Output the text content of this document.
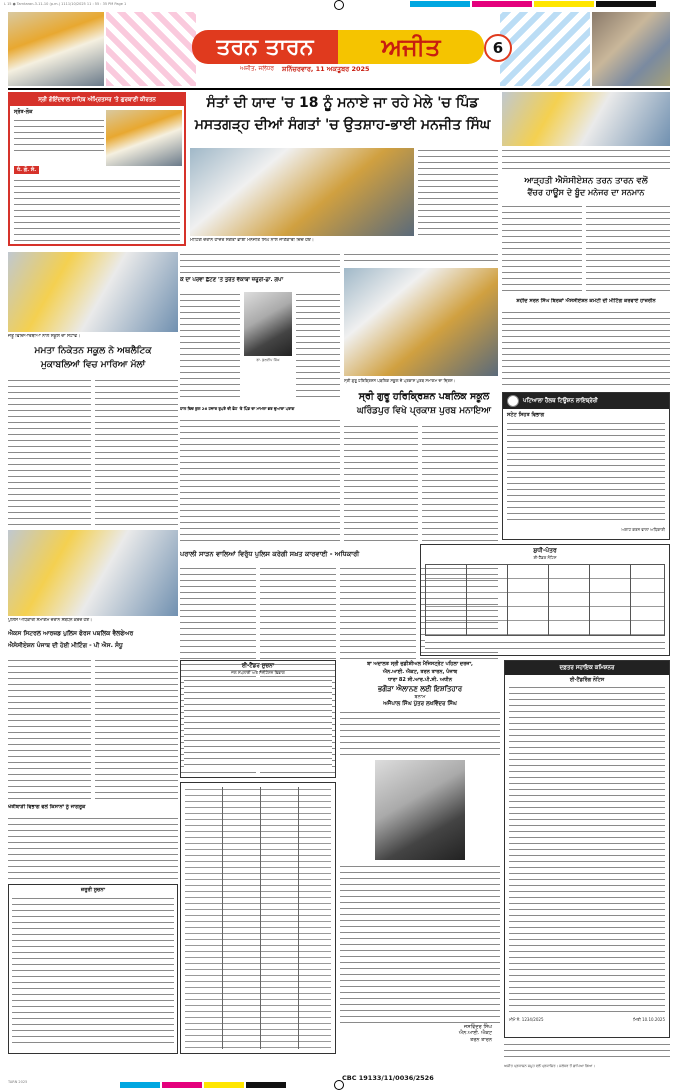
L 15 ● Tarntaran-3-11-10 (p.m.) 1111/10/2025 11 : 55 : 35 PM Page 1
ਤਰਨ ਤਾਰਨ	ਅਜੀਤ	6
ਅਜੀਤ, ਜਲੰਧਰ ਸ਼ਨਿੱਚਰਵਾਰ, 11 ਅਕਤੂਬਰ 2025
ਸ੍ਰੀ ਗੋਇੰਦਵਾਲ ਸਾਹਿਬ ਅੰਮ੍ਰਿਤਸਰ 'ਤੇ ਗੁਰਬਾਣੀ ਕੀਰਤਨ
ਸ੍ਰੋਤ-ਲੋਕ
ਧੰ. ਗੋ. ਸੰ.
ਸੰਤਾਂ ਦੀ ਯਾਦ 'ਚ 18 ਨੂੰ ਮਨਾਏ ਜਾ ਰਹੇ ਮੇਲੇ 'ਚ ਪਿੰਡ
ਮਸਤਗੜ੍ਹ ਦੀਆਂ ਸੰਗਤਾਂ 'ਚ ਉਤਸ਼ਾਹ-ਭਾਈ ਮਨਜੀਤ ਸਿੰਘ
ਮੀਟਿੰਗ ਦੌਰਾਨ ਹਾਜ਼ਰ ਸੰਗਤਾਂ ਭਾਈ ਮਨਜੀਤ ਸਿੰਘ ਨਾਲ ਜਾਣਕਾਰੀ ਦਿੰਦੇ ਹੋਏ।
ਆੜ੍ਹਤੀ ਐਸੋਸੀਏਸ਼ਨ ਤਰਨ ਤਾਰਨ ਵਲੋਂ
ਵੈਂਚਰ ਹਾਊਸ ਦੇ ਬੂੰਦ ਮਨੇਜਰ ਦਾ ਸਨਮਾਨ
ਸ਼ਹੀਦ ਸਰਨ ਸਿੰਘ ਬਿਰਕਾਂ ਐਸੋਸੀਏਸ਼ਨ ਕਮੇਟੀ ਦੀ ਮੀਟਿੰਗ ਕਰਵਾਏ ਹਾਜ਼ਰੀਨ
ਜੇਤੂ ਵਿਦਿਆਰਥੀਆਂ ਨਾਲ ਸਕੂਲ ਦਾ ਸਟਾਫ।
ਮਮਤਾ ਨਿਕੇਤਨ ਸਕੂਲ ਨੇ ਅਥਲੈਟਿਕ
ਮੁਕਾਬਲਿਆਂ ਵਿਚ ਮਾਰਿਆ ਮੱਲਾਂ
ਕੇ ਦਾ ਪਰਵਾ ਛੱਟਣ 'ਤੇ ਤੁਰੰਤ ਵੱਕਾਬਾ ਜ਼ਰੂਰੀ-ਡਾ. ਗੋਪਾ
ਡਾ. ਕੁਲਦੀਪ ਸਿੰਘ
ਹਾਲ ਵਿਚ ਕੁਲ 26 ਹਜ਼ਾਰ ਰੁਪਏ ਦੀ ਛੋਟ 'ਤੇ ਪਿੰਡ ਦਾ ਮਾਮਲਾ ਭਰ ਦੁਆਰਾ ਪਰਾਗ
ਸ੍ਰੀ ਗੁਰੂ ਹਰਿਕ੍ਰਿਸ਼ਨ ਪਬਲਿਕ ਸਕੂਲ ਦੇ ਪ੍ਰਕਾਸ਼ ਪੁਰਬ ਸਮਾਗਮ ਦਾ ਦ੍ਰਿਸ਼।
ਸ੍ਰੀ ਗੁਰੂ ਹਰਿਕ੍ਰਿਸ਼ਨ ਪਬਲਿਕ ਸਕੂਲ
ਘਰਿੰਡਪੁਰ ਵਿਖੇ ਪ੍ਰਕਾਸ਼ ਪੁਰਬ ਮਨਾਇਆ
ਪਟਿਆਲਾ ਹੈਲਥ ਟਿਊਸ਼ਨ ਲਾਇਬ੍ਰੇਰੀ
ਸਟੇਟ ਸਿਹਤ ਵਿਭਾਗ
ਅਲਾਟ ਕਰਨ ਵਾਲਾ ਅਧਿਕਾਰੀ
ਪੁਲਿਸ ਅਧਿਕਾਰੀ ਸਮਾਗਮ ਦੌਰਾਨ ਸੰਬੋਧਨ ਕਰਦੇ ਹੋਏ।
ਐਕਸ ਸਿਟਰਲ ਆਰਜ਼ਡ ਪੁਲਿਸ ਫੋਰਸ ਪਬਲਿਕ ਵੈਲਫੇਅਰ
ਐਸੋਸੀਏਸ਼ਨ ਪੰਜਾਬ ਦੀ ਹੋਈ ਮੀਟਿੰਗ - ਪੀ ਐਸ. ਸੰਧੂ
ਖੇਤੀਬਾੜੀ ਵਿਭਾਗ ਵਲੋਂ ਕਿਸਾਨਾਂ ਨੂੰ ਜਾਗਰੂਕ
ਪਰਾਲੀ ਸਾੜਨ ਵਾਲਿਆਂ ਵਿਰੁੱਧ ਪੁਲਿਸ ਕਰੇਗੀ ਸਖ਼ਤ ਕਾਰਵਾਈ - ਅਧਿਕਾਰੀ	ਸ਼ੁਧੀ-ਪੱਤਰ
ਈ-ਟੈਂਡਰ ਨੋਟਿਸ
ਈ-ਟੈਂਡਰ ਸੂਚਨਾ
ਜਲ ਸਪਲਾਈ ਅਤੇ ਸੈਨੀਟੇਸ਼ਨ ਵਿਭਾਗ
ਬਾ ਅਦਾਲਤ ਸ੍ਰੀ ਜੁਡੀਸ਼ੀਅਲ ਮੈਜਿਸਟ੍ਰੇਟ ਪਹਿਲਾ ਦਰਜਾ,
ਐਨ.ਆਈ. ਐਕਟ, ਤਰਨ ਤਾਰਨ, ਪੰਜਾਬ
ਧਾਰਾ 82 ਸੀ.ਆਰ.ਪੀ.ਸੀ. ਅਧੀਨ
ਭਗੌੜਾ ਐਲਾਨਣ ਲਈ ਇਸ਼ਤਿਹਾਰ
ਬਨਾਮ
ਅਜੈਪਾਲ ਸਿੰਘ ਪੁੱਤਰ ਲਖਵਿੰਦਰ ਸਿੰਘ
ਜਸਵਿੰਦਰ ਸਿੰਘ
ਐਨ.ਆਈ. ਐਕਟ
ਤਰਨ ਤਾਰਨ
CBC 19133/11/0036/2526
ਦਫ਼ਤਰ ਸਹਾਇਕ ਕਮਿਸ਼ਨਰ
ਈ-ਟੈਂਡਰਿੰਗ ਨੋਟਿਸ
ਮੀਮੋ ਨੰ. 1234/2025	ਮਿਤੀ 10.10.2025
ਅਜੀਤ ਪ੍ਰਕਾਸ਼ਨ ਸਮੂਹ ਵਲੋਂ ਪ੍ਰਕਾਸ਼ਿਤ। ਜਲੰਧਰ ਤੋਂ ਛਾਪਿਆ ਗਿਆ।
ਜ਼ਰੂਰੀ ਸੂਚਨਾ
TARN 2025
